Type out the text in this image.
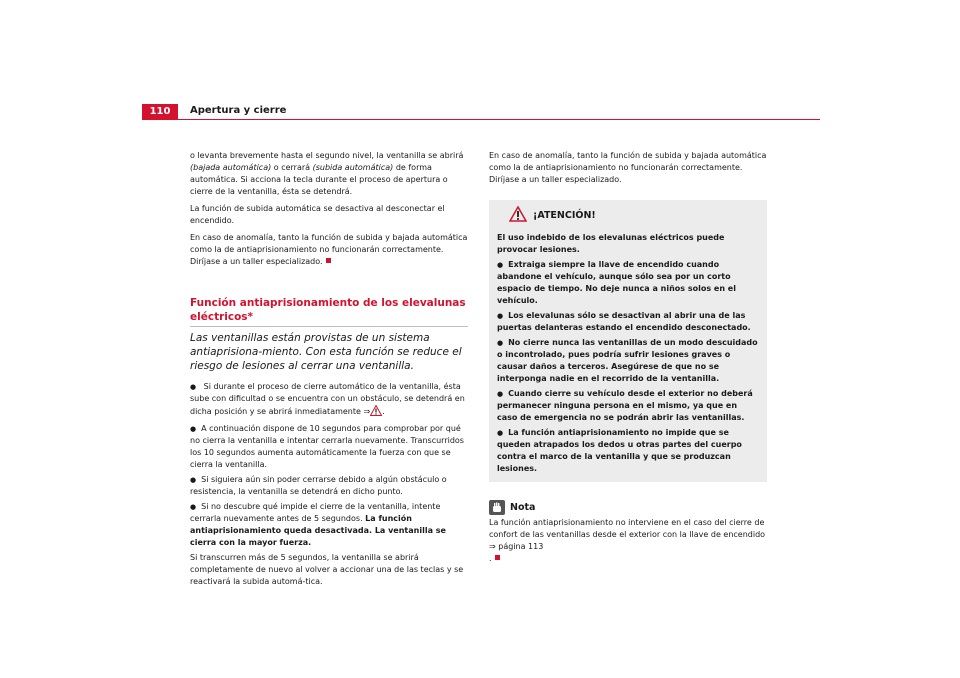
110	Apertura y cierre

o levanta brevemente hasta el segundo nivel, la ventanilla se abrirá (bajada automática) o cerrará (subida automática) de forma automática. Si acciona la tecla durante el proceso de apertura o cierre de la ventanilla, ésta se detendrá.

La función de subida automática se desactiva al desconectar el encendido.

En caso de anomalía, tanto la función de subida y bajada automática como la de antiaprisionamiento no funcionarán correctamente. Diríjase a un taller especializado.

Función antiaprisionamiento de los elevalunas eléctricos*
Las ventanillas están provistas de un sistema antiaprisiona-miento. Con esta función se reduce el riesgo de lesiones al cerrar una ventanilla.

● Si durante el proceso de cierre automático de la ventanilla, ésta sube con dificultad o se encuentra con un obstáculo, se detendrá en dicha posición y se abrirá inmediatamente ⇒ .

● A continuación dispone de 10 segundos para comprobar por qué no cierra la ventanilla e intentar cerrarla nuevamente. Transcurridos los 10 segundos aumenta automáticamente la fuerza con que se cierra la ventanilla.

● Si siguiera aún sin poder cerrarse debido a algún obstáculo o resistencia, la ventanilla se detendrá en dicho punto.

● Si no descubre qué impide el cierre de la ventanilla, intente cerrarla nuevamente antes de 5 segundos. La función antiaprisionamiento queda desactivada. La ventanilla se cierra con la mayor fuerza.

Si transcurren más de 5 segundos, la ventanilla se abrirá completamente de nuevo al volver a accionar una de las teclas y se reactivará la subida automá-tica.

En caso de anomalía, tanto la función de subida y bajada automática como la de antiaprisionamiento no funcionarán correctamente. Diríjase a un taller especializado.

¡ATENCIÓN!

El uso indebido de los elevalunas eléctricos puede provocar lesiones.

● Extraiga siempre la llave de encendido cuando abandone el vehículo, aunque sólo sea por un corto espacio de tiempo. No deje nunca a niños solos en el vehículo.

● Los elevalunas sólo se desactivan al abrir una de las puertas delanteras estando el encendido desconectado.

● No cierre nunca las ventanillas de un modo descuidado o incontrolado, pues podría sufrir lesiones graves o causar daños a terceros. Asegúrese de que no se interponga nadie en el recorrido de la ventanilla.

● Cuando cierre su vehículo desde el exterior no deberá permanecer ninguna persona en el mismo, ya que en caso de emergencia no se podrán abrir las ventanillas.

● La función antiaprisionamiento no impide que se queden atrapados los dedos u otras partes del cuerpo contra el marco de la ventanilla y que se produzcan lesiones.

Nota

La función antiaprisionamiento no interviene en el caso del cierre de confort de las ventanillas desde el exterior con la llave de encendido ⇒ página 113
.
